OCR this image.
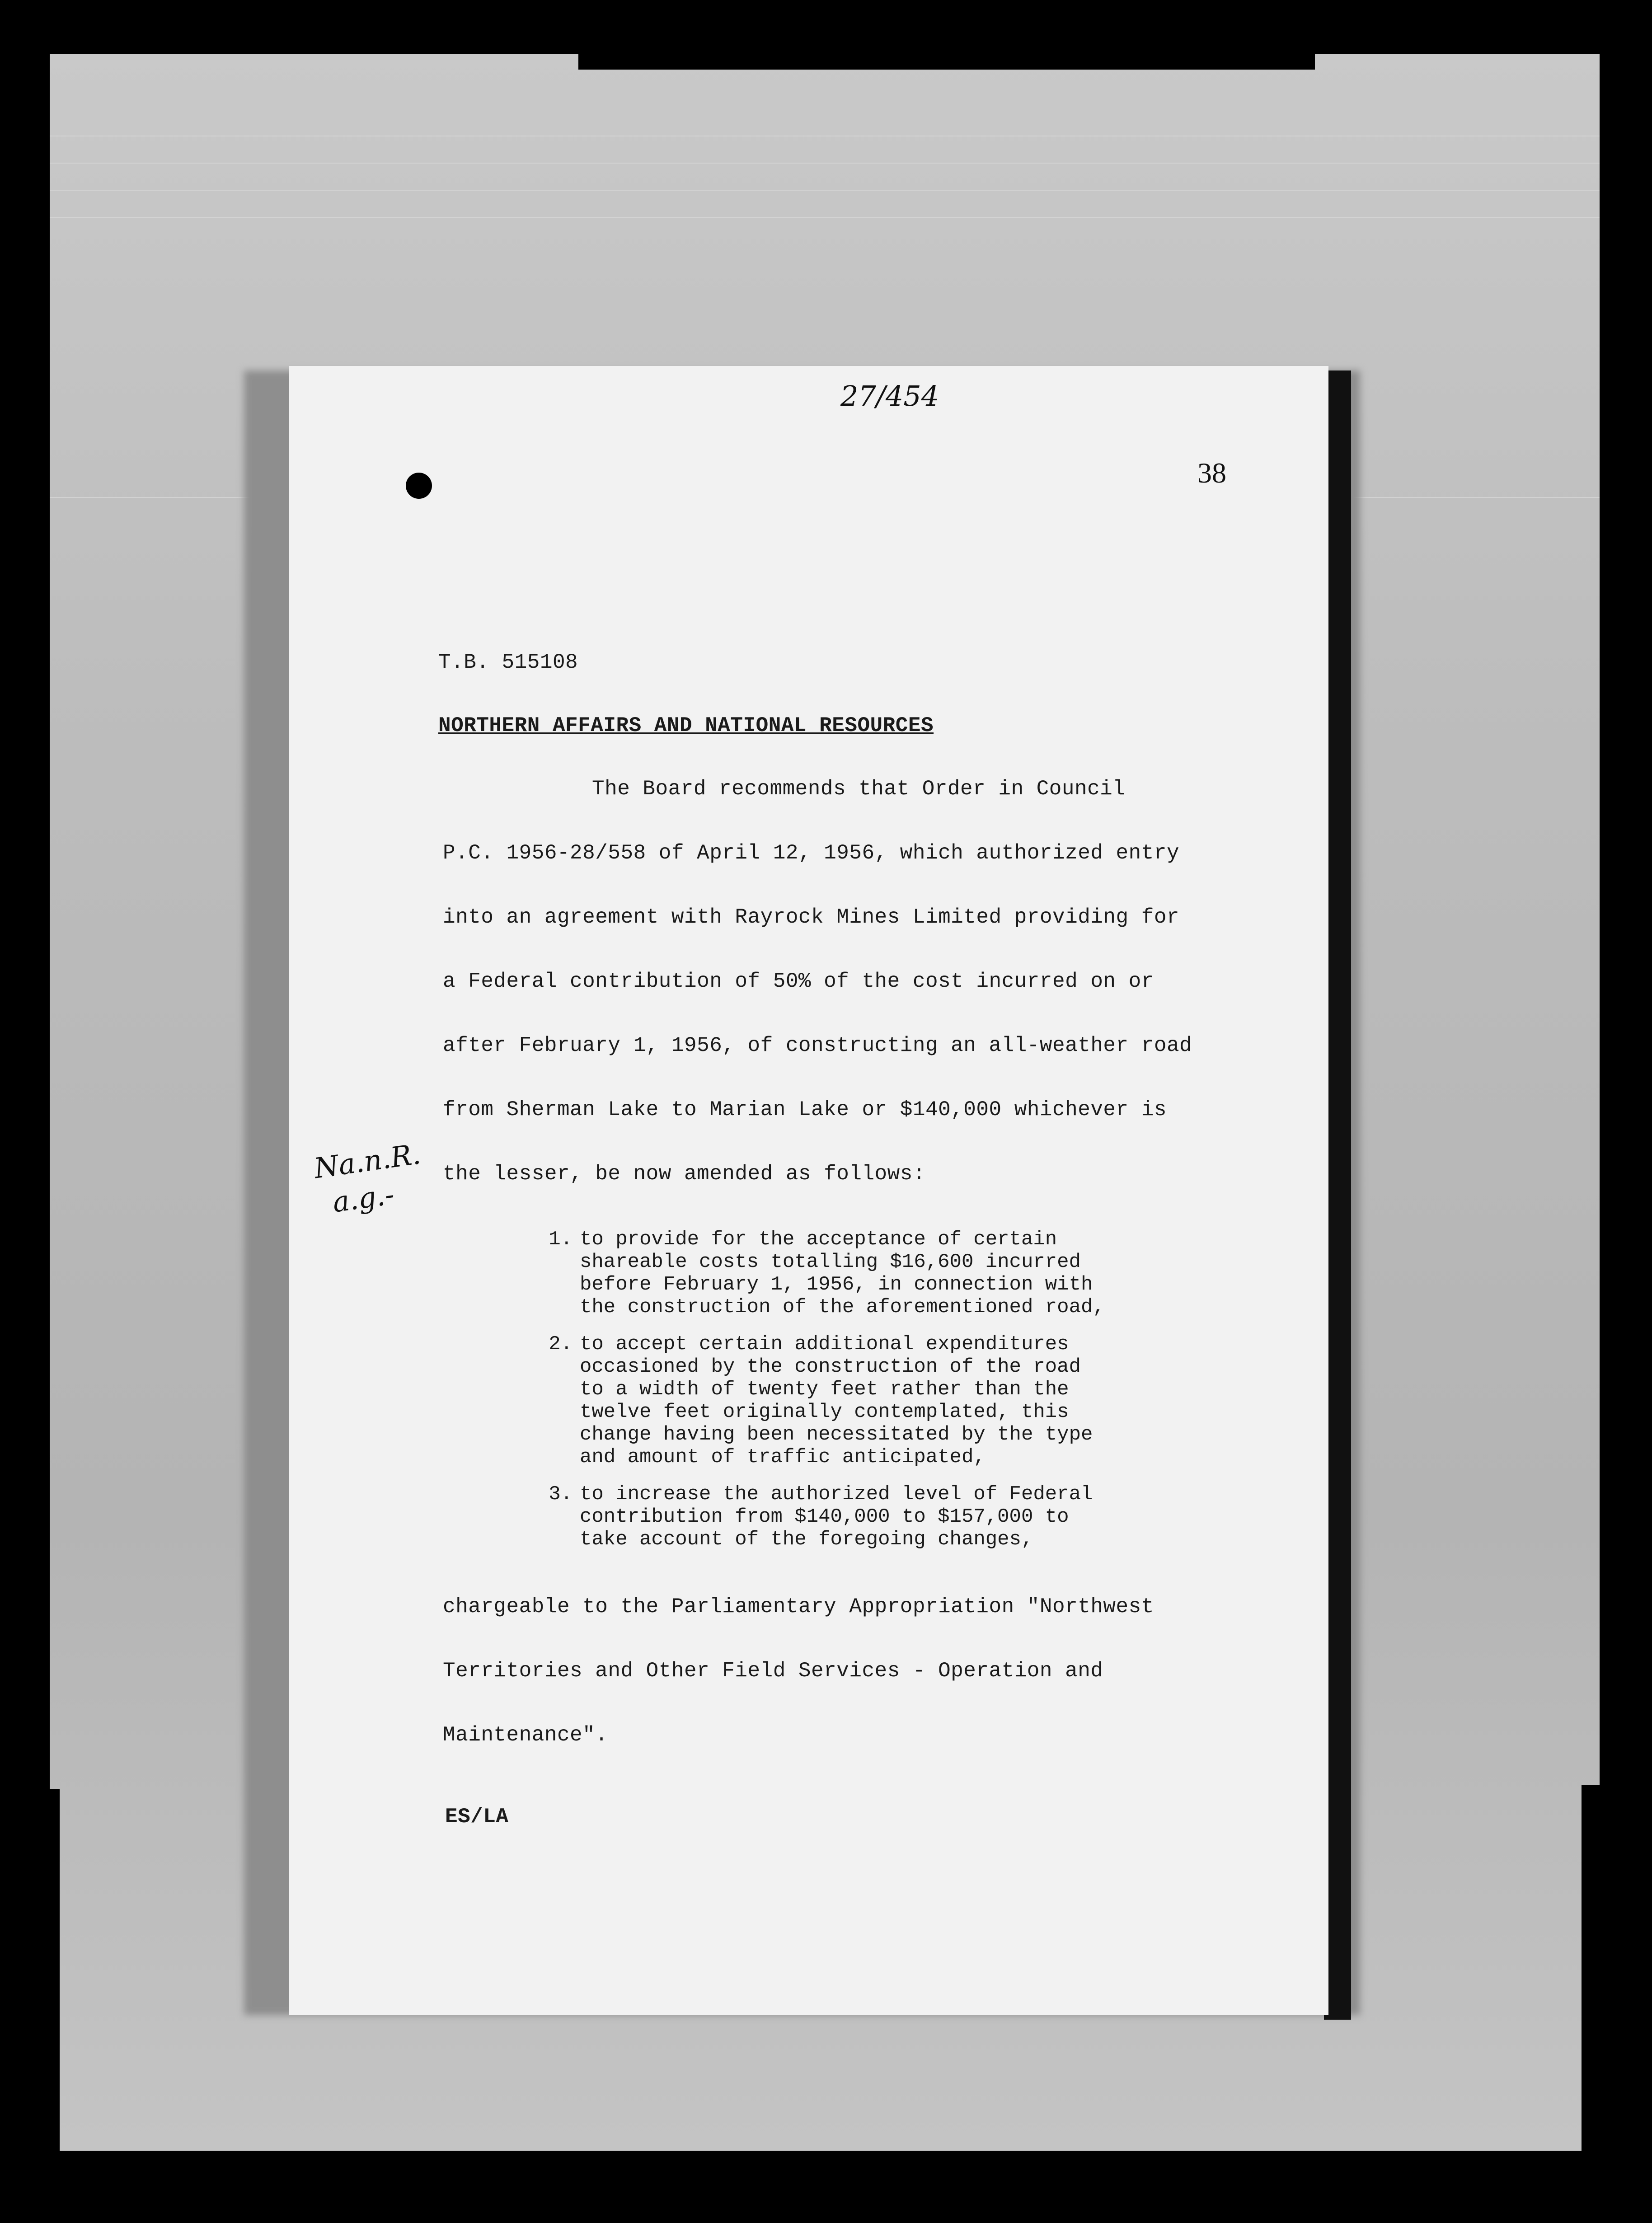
27/454
38
Na.n.R.
a.g.-
T.B. 515108
NORTHERN AFFAIRS AND NATIONAL RESOURCES
The Board recommends that Order in Council
P.C. 1956-28/558 of April 12, 1956, which authorized entry
into an agreement with Rayrock Mines Limited providing for
a Federal contribution of 50% of the cost incurred on or
after February 1, 1956, of constructing an all-weather road
from Sherman Lake to Marian Lake or $140,000 whichever is
the lesser, be now amended as follows:
1. to provide for the acceptance of certain
shareable costs totalling $16,600 incurred
before February 1, 1956, in connection with
the construction of the aforementioned road,
2. to accept certain additional expenditures
occasioned by the construction of the road
to a width of twenty feet rather than the
twelve feet originally contemplated, this
change having been necessitated by the type
and amount of traffic anticipated,
3. to increase the authorized level of Federal
contribution from $140,000 to $157,000 to
take account of the foregoing changes,
chargeable to the Parliamentary Appropriation "Northwest
Territories and Other Field Services - Operation and
Maintenance".
ES/LA
